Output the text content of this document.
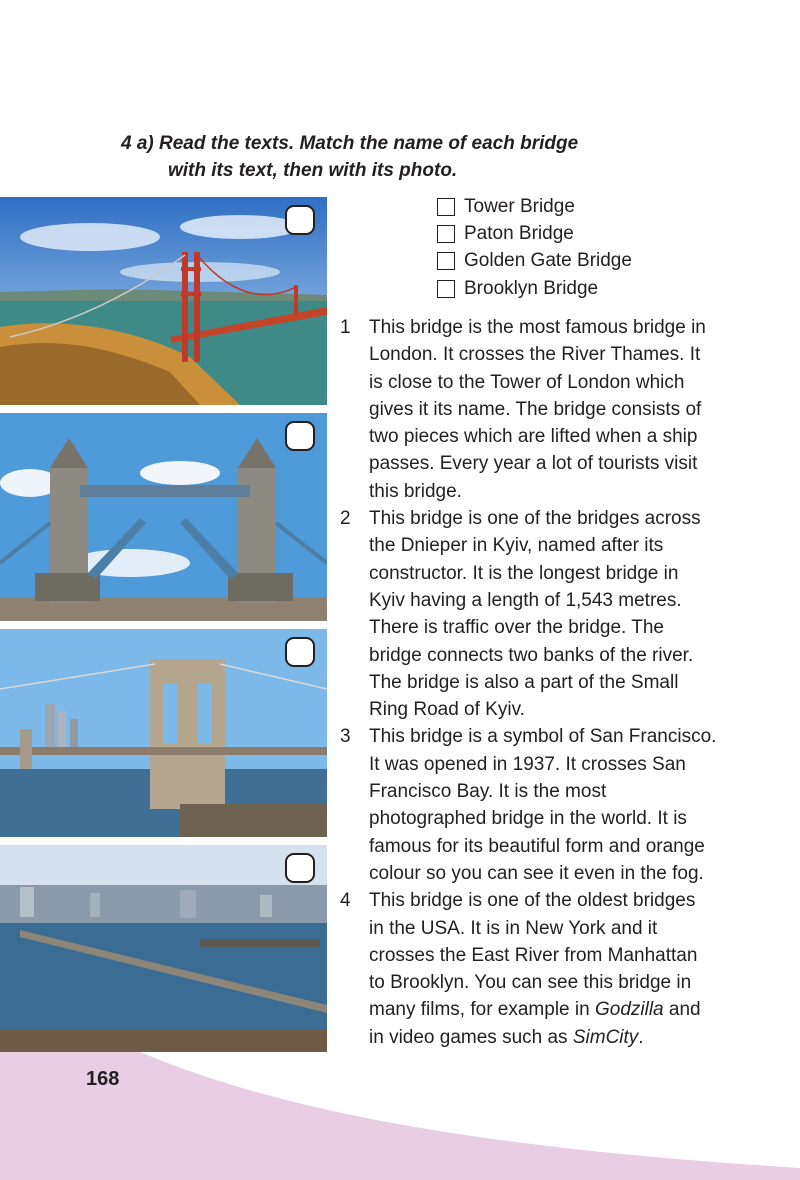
4 a) Read the texts. Match the name of each bridge
with its text, then with its photo.
Tower Bridge
Paton Bridge
Golden Gate Bridge
Brooklyn Bridge
1 This bridge is the most famous bridge in
London. It crosses the River Thames. It
is close to the Tower of London which
gives it its name. The bridge consists of
two pieces which are lifted when a ship
passes. Every year a lot of tourists visit
this bridge.
2 This bridge is one of the bridges across
the Dnieper in Kyiv, named after its
constructor. It is the longest bridge in
Kyiv having a length of 1,543 metres.
There is traffic over the bridge. The
bridge connects two banks of the river.
The bridge is also a part of the Small
Ring Road of Kyiv.
3 This bridge is a symbol of San Francisco.
It was opened in 1937. It crosses San
Francisco Bay. It is the most
photographed bridge in the world. It is
famous for its beautiful form and orange
colour so you can see it even in the fog.
4 This bridge is one of the oldest bridges
in the USA. It is in New York and it
crosses the East River from Manhattan
to Brooklyn. You can see this bridge in
many films, for example in Godzilla and
in video games such as SimCity.
168
